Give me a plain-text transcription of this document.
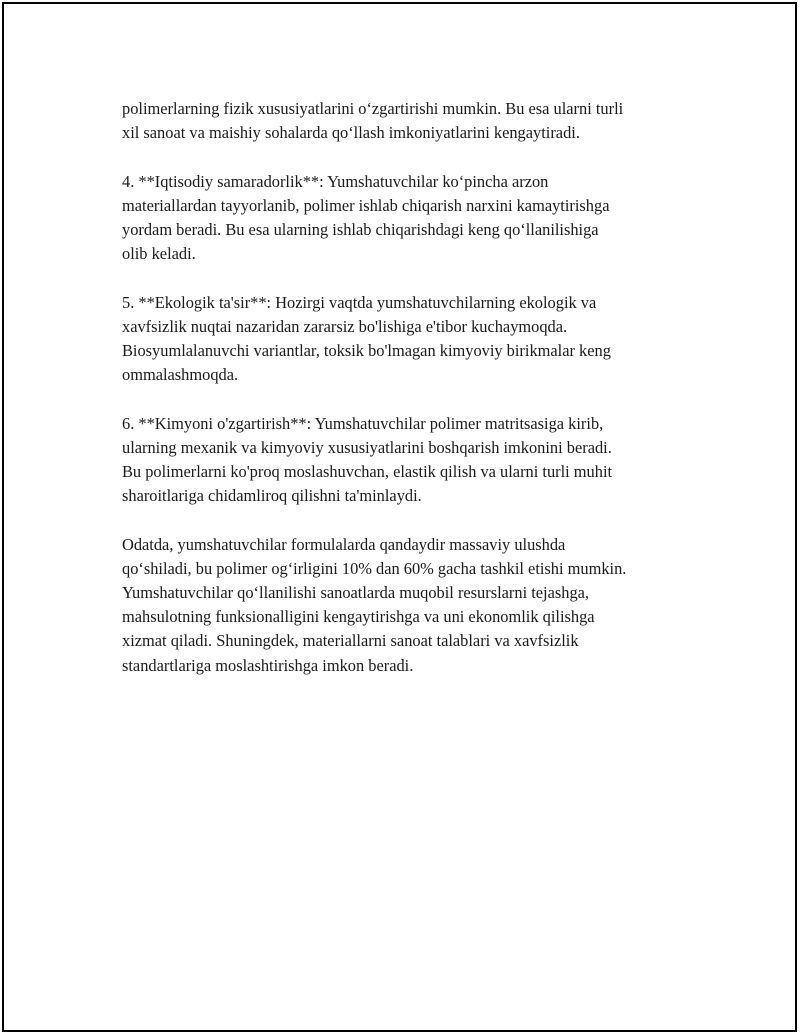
polimerlarning fizik xususiyatlarini oʻzgartirishi mumkin. Bu esa ularni turli
xil sanoat va maishiy sohalarda qoʻllash imkoniyatlarini kengaytiradi.

4. **Iqtisodiy samaradorlik**: Yumshatuvchilar koʻpincha arzon
materiallardan tayyorlanib, polimer ishlab chiqarish narxini kamaytirishga
yordam beradi. Bu esa ularning ishlab chiqarishdagi keng qoʻllanilishiga
olib keladi.

5. **Ekologik ta'sir**: Hozirgi vaqtda yumshatuvchilarning ekologik va
xavfsizlik nuqtai nazaridan zararsiz bo'lishiga e'tibor kuchaymoqda.
Biosyumlalanuvchi variantlar, toksik bo'lmagan kimyoviy birikmalar keng
ommalashmoqda.

6. **Kimyoni o'zgartirish**: Yumshatuvchilar polimer matritsasiga kirib,
ularning mexanik va kimyoviy xususiyatlarini boshqarish imkonini beradi.
Bu polimerlarni ko'proq moslashuvchan, elastik qilish va ularni turli muhit
sharoitlariga chidamliroq qilishni ta'minlaydi.

Odatda, yumshatuvchilar formulalarda qandaydir massaviy ulushda
qoʻshiladi, bu polimer ogʻirligini 10% dan 60% gacha tashkil etishi mumkin.
Yumshatuvchilar qoʻllanilishi sanoatlarda muqobil resurslarni tejashga,
mahsulotning funksionalligini kengaytirishga va uni ekonomlik qilishga
xizmat qiladi. Shuningdek, materiallarni sanoat talablari va xavfsizlik
standartlariga moslashtirishga imkon beradi.
